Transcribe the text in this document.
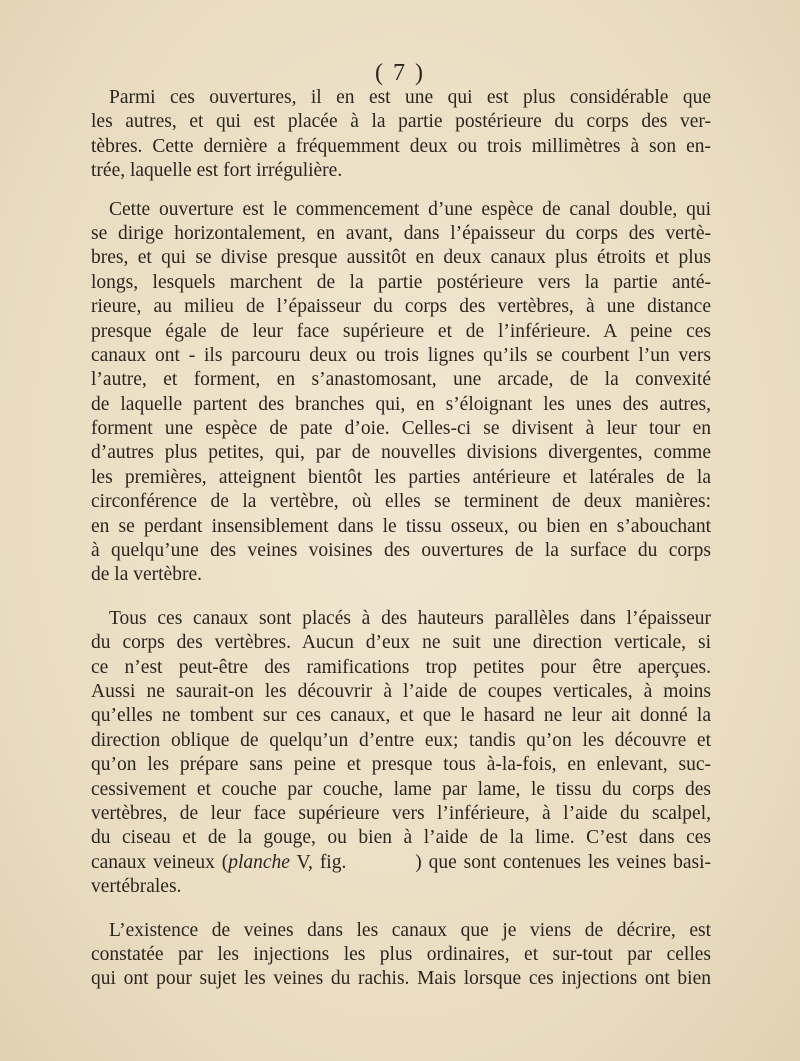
( 7 )

Parmi ces ouvertures, il en est une qui est plus considérable que
les autres, et qui est placée à la partie postérieure du corps des ver-
tèbres. Cette dernière a fréquemment deux ou trois millimètres à son en-
trée, laquelle est fort irrégulière.

Cette ouverture est le commencement d’une espèce de canal double, qui
se dirige horizontalement, en avant, dans l’épaisseur du corps des vertè-
bres, et qui se divise presque aussitôt en deux canaux plus étroits et plus
longs, lesquels marchent de la partie postérieure vers la partie anté-
rieure, au milieu de l’épaisseur du corps des vertèbres, à une distance
presque égale de leur face supérieure et de l’inférieure. A peine ces
canaux ont - ils parcouru deux ou trois lignes qu’ils se courbent l’un vers
l’autre, et forment, en s’anastomosant, une arcade, de la convexité
de laquelle partent des branches qui, en s’éloignant les unes des autres,
forment une espèce de pate d’oie. Celles-ci se divisent à leur tour en
d’autres plus petites, qui, par de nouvelles divisions divergentes, comme
les premières, atteignent bientôt les parties antérieure et latérales de la
circonférence de la vertèbre, où elles se terminent de deux manières:
en se perdant insensiblement dans le tissu osseux, ou bien en s’abouchant
à quelqu’une des veines voisines des ouvertures de la surface du corps
de la vertèbre.

Tous ces canaux sont placés à des hauteurs parallèles dans l’épaisseur
du corps des vertèbres. Aucun d’eux ne suit une direction verticale, si
ce n’est peut-être des ramifications trop petites pour être aperçues.
Aussi ne saurait-on les découvrir à l’aide de coupes verticales, à moins
qu’elles ne tombent sur ces canaux, et que le hasard ne leur ait donné la
direction oblique de quelqu’un d’entre eux; tandis qu’on les découvre et
qu’on les prépare sans peine et presque tous à-la-fois, en enlevant, suc-
cessivement et couche par couche, lame par lame, le tissu du corps des
vertèbres, de leur face supérieure vers l’inférieure, à l’aide du scalpel,
du ciseau et de la gouge, ou bien à l’aide de la lime. C’est dans ces
canaux veineux (planche V, fig.          ) que sont contenues les veines basi-
vertébrales.

L’existence de veines dans les canaux que je viens de décrire, est
constatée par les injections les plus ordinaires, et sur-tout par celles
qui ont pour sujet les veines du rachis. Mais lorsque ces injections ont bien
